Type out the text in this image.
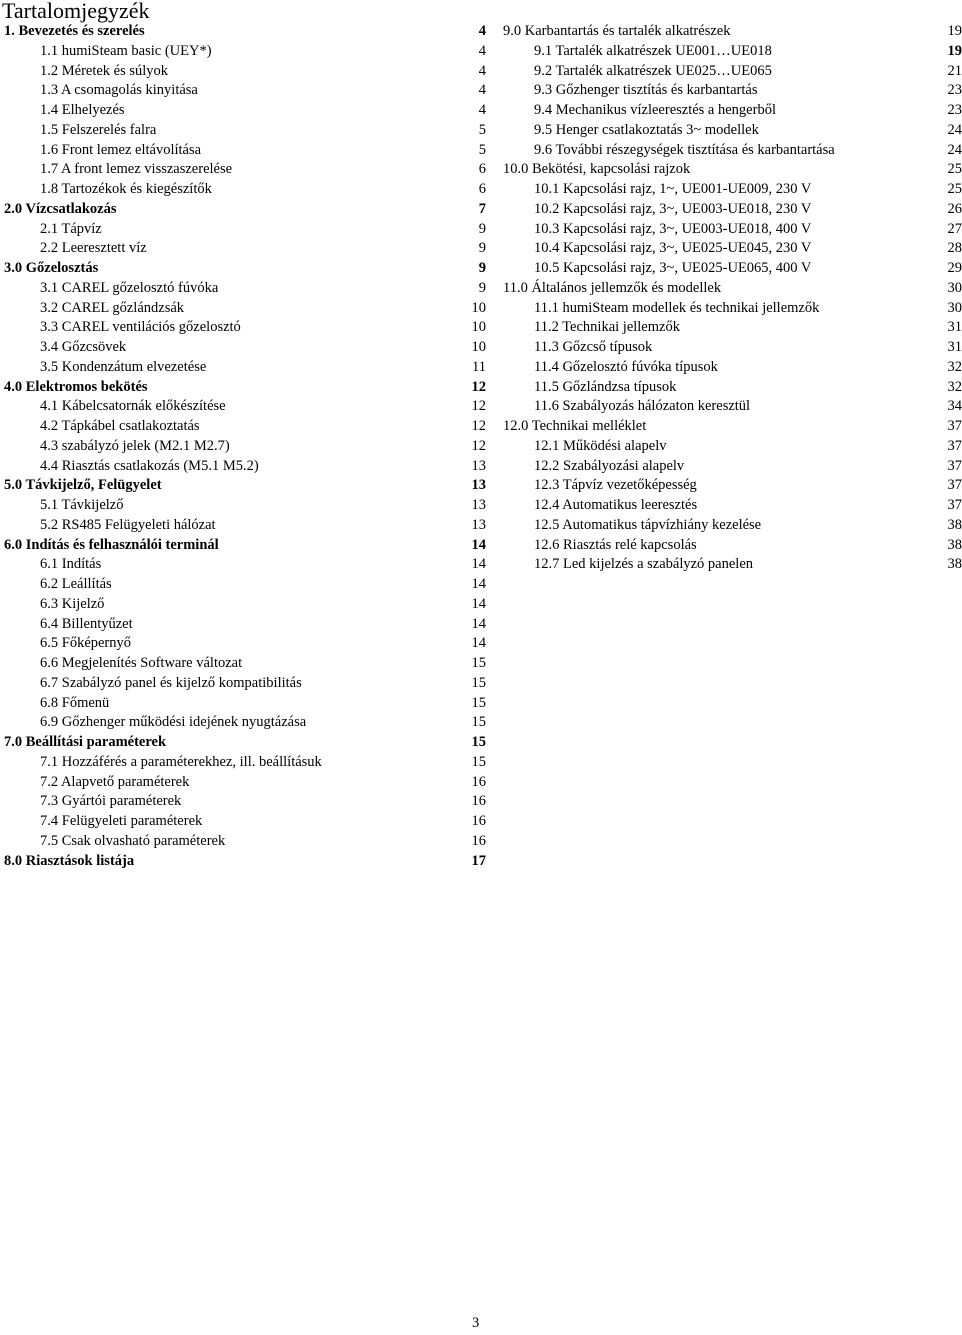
Tartalomjegyzék
1. Bevezetés és szerelés	4
1.1 humiSteam basic (UEY*)	4
1.2 Méretek és súlyok	4
1.3 A csomagolás kinyitása	4
1.4 Elhelyezés	4
1.5 Felszerelés falra	5
1.6 Front lemez eltávolítása	5
1.7 A front lemez visszaszerelése	6
1.8 Tartozékok és kiegészítők	6
2.0 Vízcsatlakozás	7
2.1 Tápvíz	9
2.2 Leeresztett víz	9
3.0 Gőzelosztás	9
3.1 CAREL gőzelosztó fúvóka	9
3.2 CAREL gőzlándzsák	10
3.3 CAREL ventilációs gőzelosztó	10
3.4 Gőzcsövek	10
3.5 Kondenzátum elvezetése	11
4.0 Elektromos bekötés	12
4.1 Kábelcsatornák előkészítése	12
4.2 Tápkábel csatlakoztatás	12
4.3 szabályzó jelek (M2.1 M2.7)	12
4.4 Riasztás csatlakozás (M5.1 M5.2)	13
5.0 Távkijelző, Felügyelet	13
5.1 Távkijelző	13
5.2 RS485 Felügyeleti hálózat	13
6.0 Indítás és felhasználói terminál	14
6.1 Indítás	14
6.2 Leállítás	14
6.3 Kijelző	14
6.4 Billentyűzet	14
6.5 Főképernyő	14
6.6 Megjelenítés Software változat	15
6.7 Szabályzó panel és kijelző kompatibilitás	15
6.8 Főmenü	15
6.9 Gőzhenger működési idejének nyugtázása	15
7.0 Beállítási paraméterek	15
7.1 Hozzáférés a paraméterekhez, ill. beállításuk	15
7.2 Alapvető paraméterek	16
7.3 Gyártói paraméterek	16
7.4 Felügyeleti paraméterek	16
7.5 Csak olvasható paraméterek	16
8.0 Riasztások listája	17
9.0 Karbantartás és tartalék alkatrészek	19
9.1 Tartalék alkatrészek UE001…UE018	19
9.2 Tartalék alkatrészek UE025…UE065	21
9.3 Gőzhenger tisztítás és karbantartás	23
9.4 Mechanikus vízleeresztés a hengerből	23
9.5 Henger csatlakoztatás 3~ modellek	24
9.6 További részegységek tisztítása és karbantartása	24
10.0 Bekötési, kapcsolási rajzok	25
10.1 Kapcsolási rajz, 1~, UE001-UE009, 230 V	25
10.2 Kapcsolási rajz, 3~, UE003-UE018, 230 V	26
10.3 Kapcsolási rajz, 3~, UE003-UE018, 400 V	27
10.4 Kapcsolási rajz, 3~, UE025-UE045, 230 V	28
10.5 Kapcsolási rajz, 3~, UE025-UE065, 400 V	29
11.0 Általános jellemzők és modellek	30
11.1 humiSteam modellek és technikai jellemzők	30
11.2 Technikai jellemzők	31
11.3 Gőzcső típusok	31
11.4 Gőzelosztó fúvóka típusok	32
11.5 Gőzlándzsa típusok	32
11.6 Szabályozás hálózaton keresztül	34
12.0 Technikai melléklet	37
12.1 Működési alapelv	37
12.2 Szabályozási alapelv	37
12.3 Tápvíz vezetőképesség	37
12.4 Automatikus leeresztés	37
12.5 Automatikus tápvízhiány kezelése	38
12.6 Riasztás relé kapcsolás	38
12.7 Led kijelzés a szabályzó panelen	38
3
